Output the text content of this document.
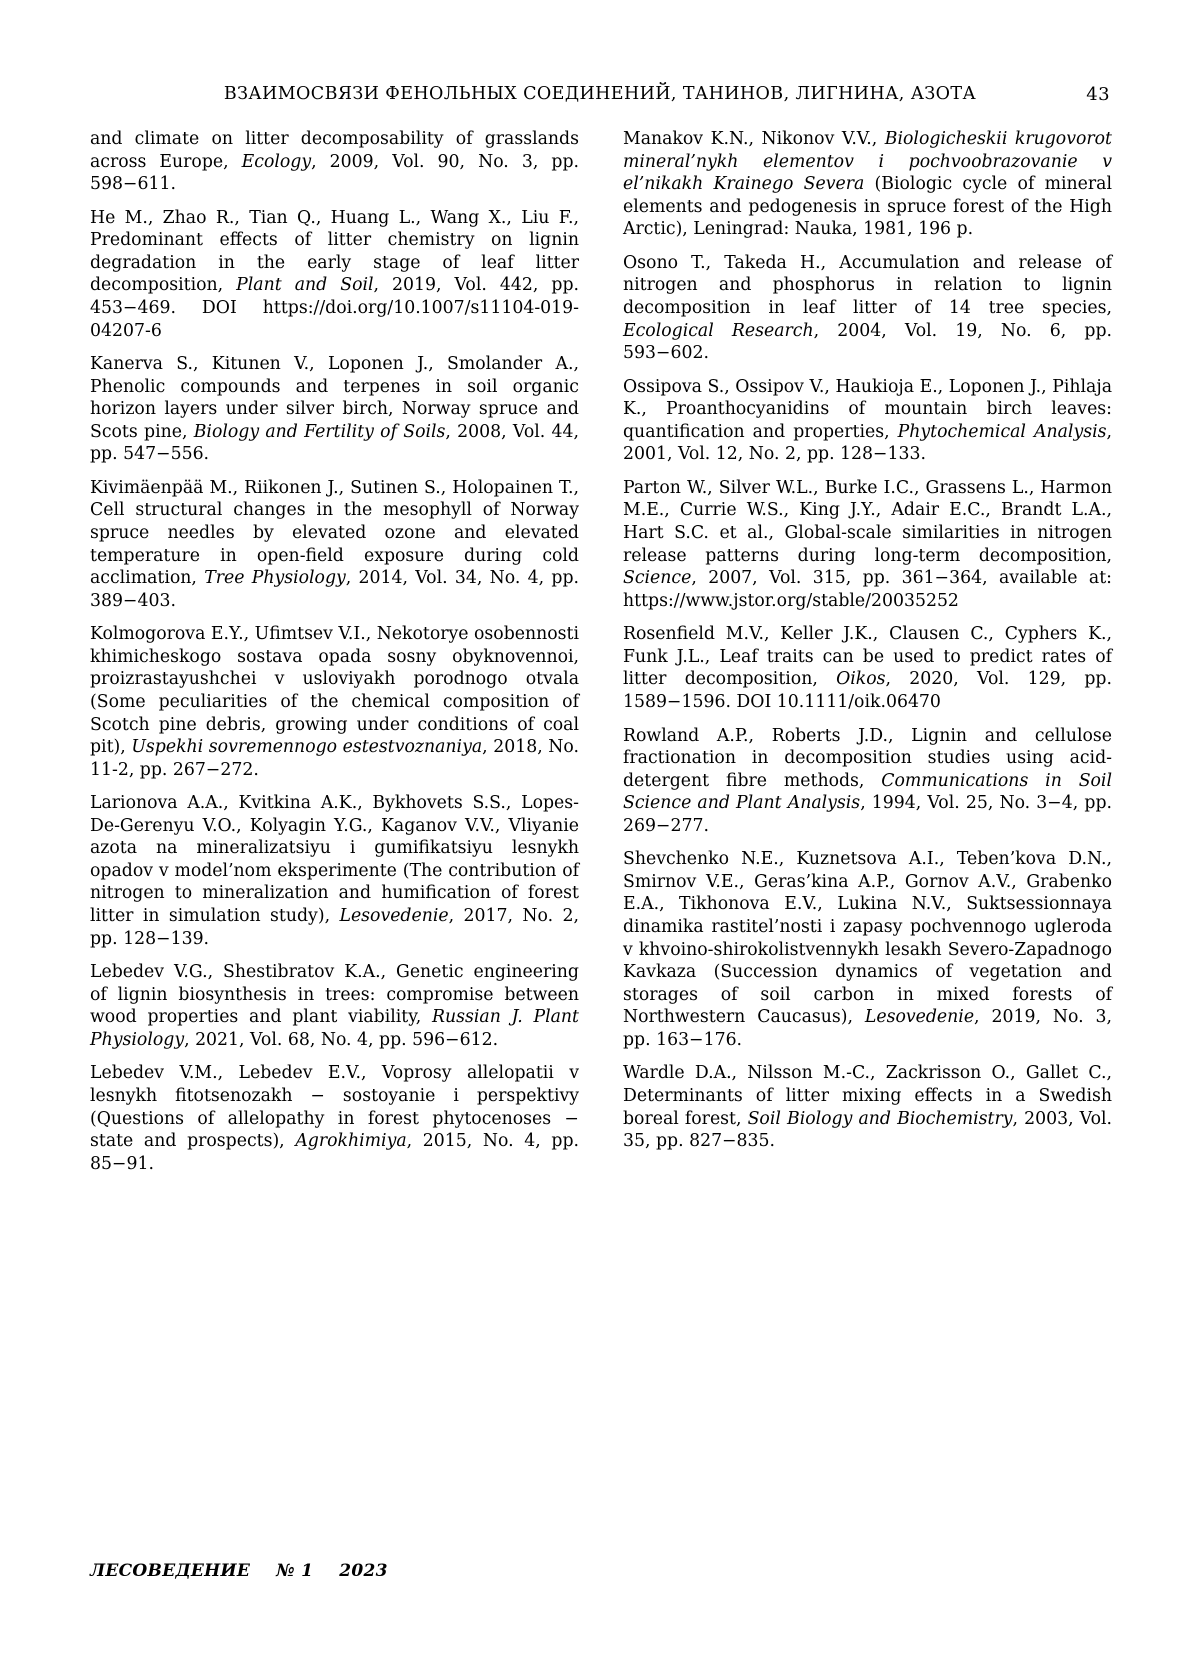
ВЗАИМОСВЯЗИ ФЕНОЛЬНЫХ СОЕДИНЕНИЙ, ТАНИНОВ, ЛИГНИНА, АЗОТА	43

and climate on litter decomposability of grasslands across Europe, Ecology, 2009, Vol. 90, No. 3, pp. 598−611.

He M., Zhao R., Tian Q., Huang L., Wang X., Liu F., Predominant effects of litter chemistry on lignin degradation in the early stage of leaf litter decomposition, Plant and Soil, 2019, Vol. 442, pp. 453−469. DOI https://doi.org/10.1007/s11104-019-04207-6

Kanerva S., Kitunen V., Loponen J., Smolander A., Phenolic compounds and terpenes in soil organic horizon layers under silver birch, Norway spruce and Scots pine, Biology and Fertility of Soils, 2008, Vol. 44, pp. 547−556.

Kivimäenpää M., Riikonen J., Sutinen S., Holopainen T., Cell structural changes in the mesophyll of Norway spruce needles by elevated ozone and elevated temperature in open-field exposure during cold acclimation, Tree Physiology, 2014, Vol. 34, No. 4, pp. 389−403.

Kolmogorova E.Y., Ufimtsev V.I., Nekotorye osobennosti khimicheskogo sostava opada sosny obyknovennoi, proizrastayushchei v usloviyakh porodnogo otvala (Some peculiarities of the chemical composition of Scotch pine debris, growing under conditions of coal pit), Uspekhi sovremennogo estestvoznaniya, 2018, No. 11-2, pp. 267−272.

Larionova A.A., Kvitkina A.K., Bykhovets S.S., Lopes-De-Gerenyu V.O., Kolyagin Y.G., Kaganov V.V., Vliyanie azota na mineralizatsiyu i gumifikatsiyu lesnykh opadov v model’nom eksperimente (The contribution of nitrogen to mineralization and humification of forest litter in simulation study), Lesovedenie, 2017, No. 2, pp. 128−139.

Lebedev V.G., Shestibratov K.A., Genetic engineering of lignin biosynthesis in trees: compromise between wood properties and plant viability, Russian J. Plant Physiology, 2021, Vol. 68, No. 4, pp. 596−612.

Lebedev V.M., Lebedev E.V., Voprosy allelopatii v lesnykh fitotsenozakh − sostoyanie i perspektivy (Questions of allelopathy in forest phytocenoses − state and prospects), Agrokhimiya, 2015, No. 4, pp. 85−91.

Manakov K.N., Nikonov V.V., Biologicheskii krugovorot mineral’nykh elementov i pochvoobrazovanie v el’nikakh Krainego Severa (Biologic cycle of mineral elements and pedogenesis in spruce forest of the High Arctic), Leningrad: Nauka, 1981, 196 p.

Osono T., Takeda H., Accumulation and release of nitrogen and phosphorus in relation to lignin decomposition in leaf litter of 14 tree species, Ecological Research, 2004, Vol. 19, No. 6, pp. 593−602.

Ossipova S., Ossipov V., Haukioja E., Loponen J., Pihlaja K., Proanthocyanidins of mountain birch leaves: quantification and properties, Phytochemical Analysis, 2001, Vol. 12, No. 2, pp. 128−133.

Parton W., Silver W.L., Burke I.C., Grassens L., Harmon M.E., Currie W.S., King J.Y., Adair E.C., Brandt L.A., Hart S.C. et al., Global-scale similarities in nitrogen release patterns during long-term decomposition, Science, 2007, Vol. 315, pp. 361−364, available at: https://www.jstor.org/stable/20035252

Rosenfield M.V., Keller J.K., Clausen C., Cyphers K., Funk J.L., Leaf traits can be used to predict rates of litter decomposition, Oikos, 2020, Vol. 129, pp. 1589−1596. DOI 10.1111/oik.06470

Rowland A.P., Roberts J.D., Lignin and cellulose fractionation in decomposition studies using acid-detergent fibre methods, Communications in Soil Science and Plant Analysis, 1994, Vol. 25, No. 3−4, pp. 269−277.

Shevchenko N.E., Kuznetsova A.I., Teben’kova D.N., Smirnov V.E., Geras’kina A.P., Gornov A.V., Grabenko E.A., Tikhonova E.V., Lukina N.V., Suktsessionnaya dinamika rastitel’nosti i zapasy pochvennogo ugleroda v khvoino-shirokolistvennykh lesakh Severo-Zapadnogo Kavkaza (Succession dynamics of vegetation and storages of soil carbon in mixed forests of Northwestern Caucasus), Lesovedenie, 2019, No. 3, pp. 163−176.

Wardle D.A., Nilsson M.-C., Zackrisson O., Gallet C., Determinants of litter mixing effects in a Swedish boreal forest, Soil Biology and Biochemistry, 2003, Vol. 35, pp. 827−835.

ЛЕСОВЕДЕНИЕ № 1 2023
